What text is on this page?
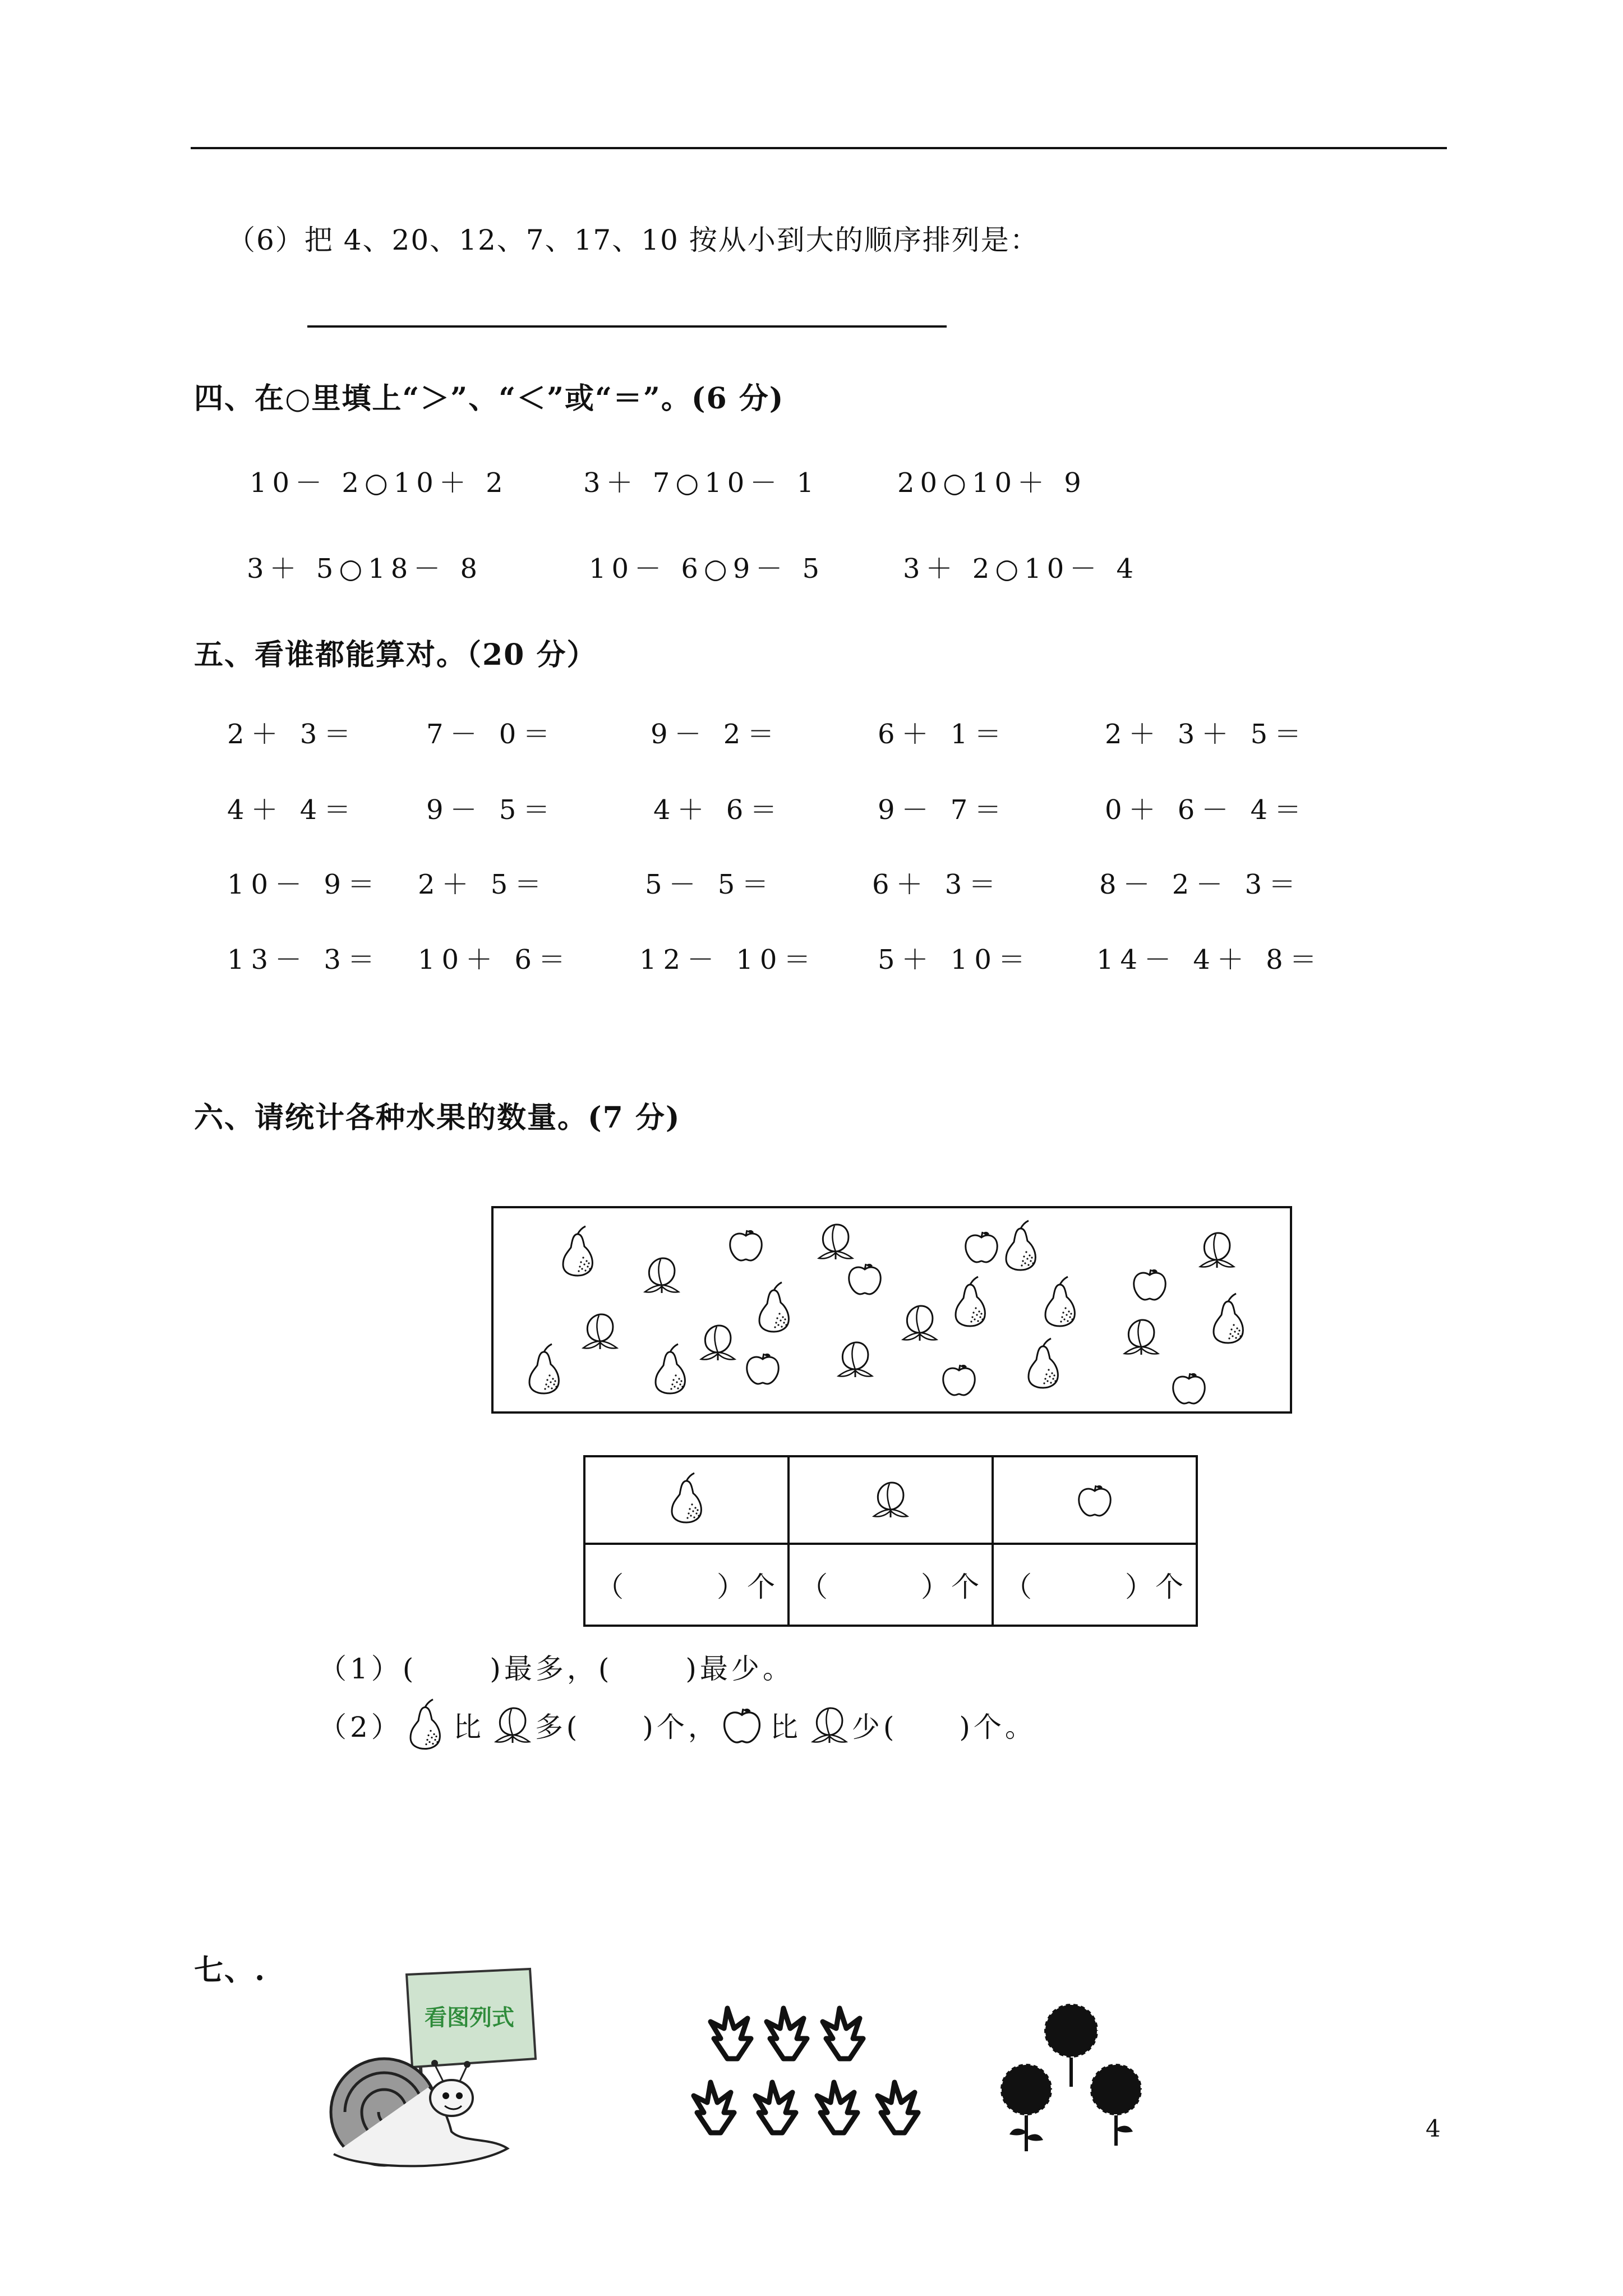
（6）把 4、20、12、7、17、10 按从小到大的顺序排列是：
四、在○里填上“＞”、“＜”或“＝”。(6 分)
10－ 2○10＋ 2	3＋ 7○10－ 1	20○10＋ 9
3＋ 5○18－ 8	10－ 6○9－ 5	3＋ 2○10－ 4
五、看谁都能算对。（20 分）
2＋ 3＝	7－ 0＝	9－ 2＝	6＋ 1＝	2＋ 3＋ 5＝
4＋ 4＝	9－ 5＝	4＋ 6＝	9－ 7＝	0＋ 6－ 4＝
10－ 9＝ 2＋ 5＝	5－ 5＝	6＋ 3＝	8－ 2－ 3＝
13－ 3＝ 10＋ 6＝	12－ 10＝ 5＋ 10＝ 14－ 4＋ 8＝
六、请统计各种水果的数量。(7 分)

（　　　）个	（　　　）个	（　　　）个
（1）(	)最多，(	)最少。
（2） 比 多( )个， 比 少( )个。
七、.
看图列式
4
